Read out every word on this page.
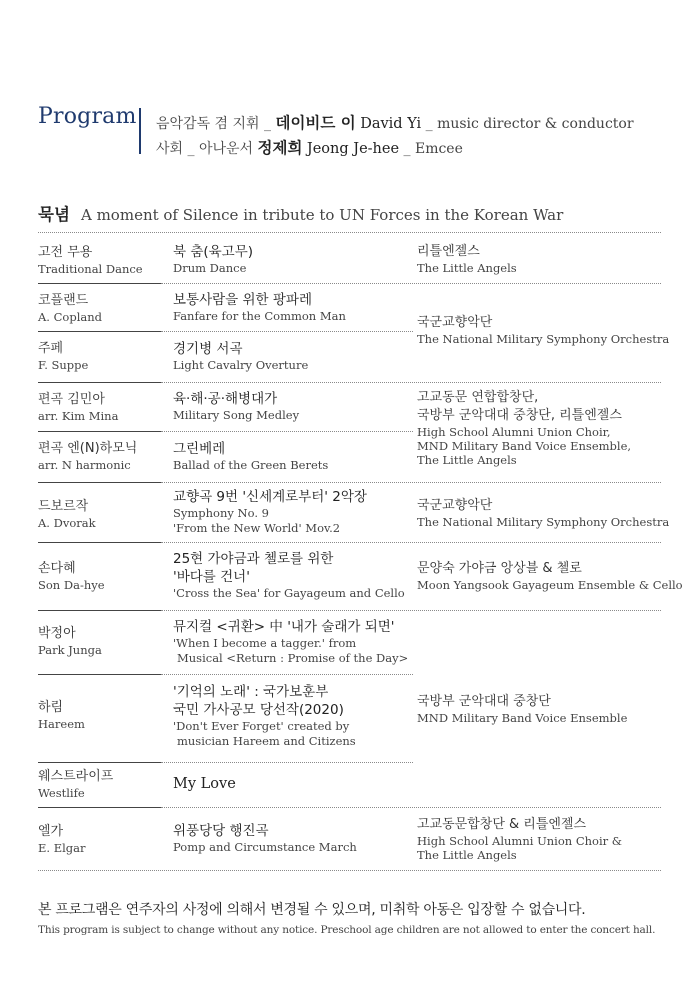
Program 음악감독 겸 지휘 _ 데이비드 이 David Yi _ music director & conductor
사회 _ 아나운서 정제희 Jeong Je-hee _ Emcee
묵념 A moment of Silence in tribute to UN Forces in the Korean War
고전 무용
Traditional Dance
북 춤(육고무)
Drum Dance
리틀엔젤스
The Little Angels
코플랜드
A. Copland
보통사람을 위한 팡파레
Fanfare for the Common Man
주페
F. Suppe
경기병 서곡
Light Cavalry Overture
국군교향악단
The National Military Symphony Orchestra
편곡 김민아
arr. Kim Mina
육·해·공·해병대가
Military Song Medley
편곡 엔(N)하모닉
arr. N harmonic
그린베레
Ballad of the Green Berets
고교동문 연합합창단,
국방부 군악대대 중창단, 리틀엔젤스
High School Alumni Union Choir,
MND Military Band Voice Ensemble,
The Little Angels
드보르작
A. Dvorak
교향곡 9번 '신세계로부터' 2악장
Symphony No. 9
'From the New World' Mov.2
국군교향악단
The National Military Symphony Orchestra
손다혜
Son Da-hye
25현 가야금과 첼로를 위한
'바다를 건너'
'Cross the Sea' for Gayageum and Cello
문양숙 가야금 앙상블 & 첼로
Moon Yangsook Gayageum Ensemble & Cello
박정아
Park Junga
뮤지컬 <귀환> 中 '내가 술래가 되면'
'When I become a tagger.' from
Musical <Return : Promise of the Day>
하림
Hareem
'기억의 노래' : 국가보훈부
국민 가사공모 당선작(2020)
'Don't Ever Forget' created by
musician Hareem and Citizens
국방부 군악대대 중창단
MND Military Band Voice Ensemble
웨스트라이프
Westlife
My Love
엘가
E. Elgar
위풍당당 행진곡
Pomp and Circumstance March
고교동문합창단 & 리틀엔젤스
High School Alumni Union Choir &
The Little Angels
본 프로그램은 연주자의 사정에 의해서 변경될 수 있으며, 미취학 아동은 입장할 수 없습니다.
This program is subject to change without any notice. Preschool age children are not allowed to enter the concert hall.
